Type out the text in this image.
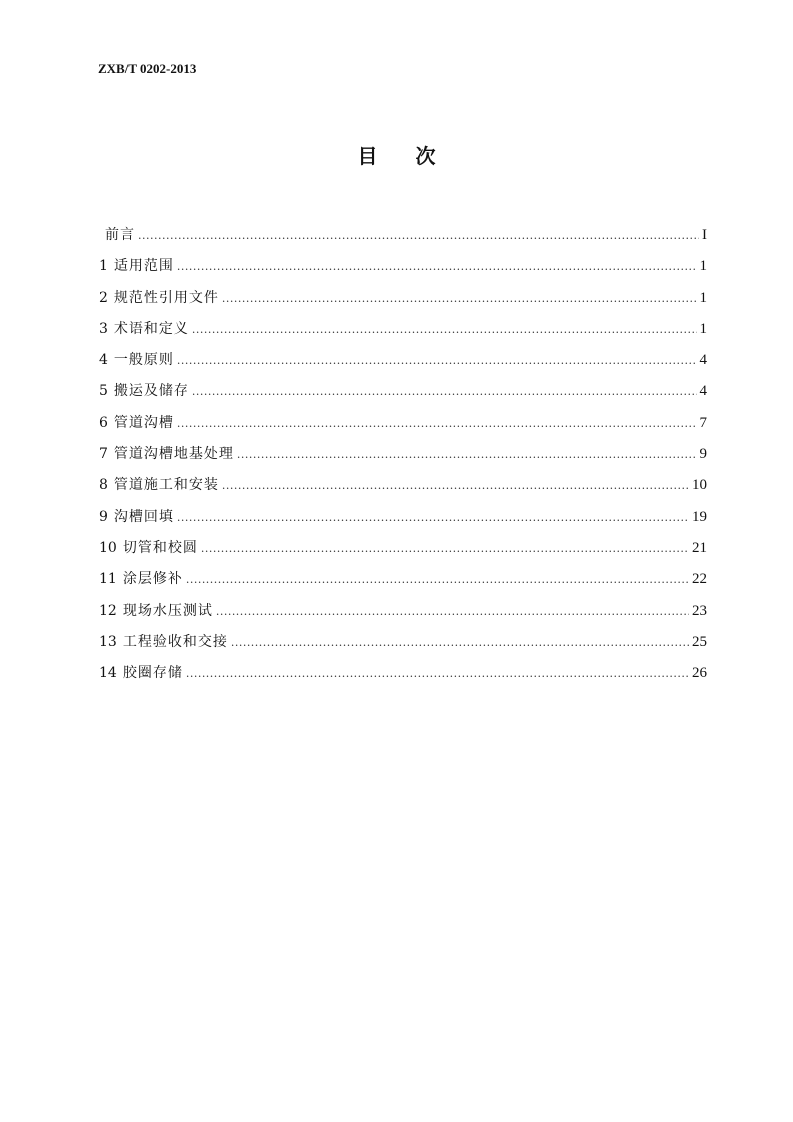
ZXB/T 0202-2013
目次
前言 .....	I
1 适用范围 .....	1
2 规范性引用文件 .....	1
3 术语和定义 .....	1
4 一般原则 .....	4
5 搬运及储存 .....	4
6 管道沟槽 .....	7
7 管道沟槽地基处理 .....	9
8 管道施工和安装 .....	10
9 沟槽回填 .....	19
10 切管和校圆 .....	21
11 涂层修补 .....	22
12 现场水压测试 .....	23
13 工程验收和交接 .....	25
14 胶圈存储 .....	26
